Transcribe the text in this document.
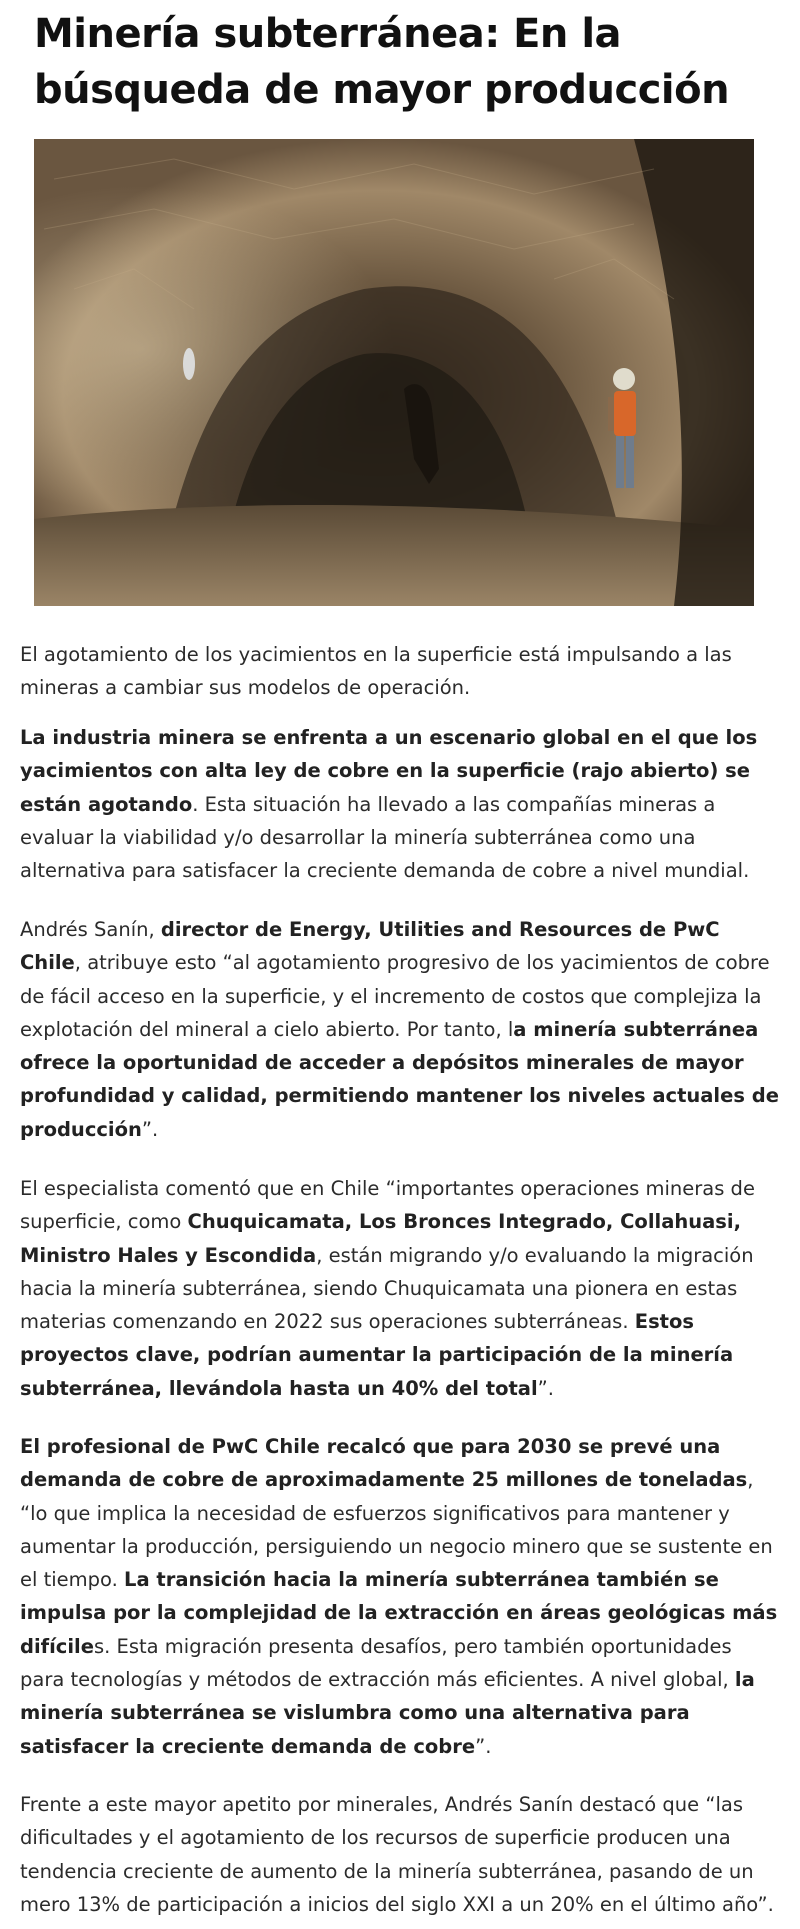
Minería subterránea: En la búsqueda de mayor producción

El agotamiento de los yacimientos en la superficie está impulsando a las mineras a cambiar sus modelos de operación.

La industria minera se enfrenta a un escenario global en el que los yacimientos con alta ley de cobre en la superficie (rajo abierto) se están agotando. Esta situación ha llevado a las compañías mineras a evaluar la viabilidad y/o desarrollar la minería subterránea como una alternativa para satisfacer la creciente demanda de cobre a nivel mundial.

Andrés Sanín, director de Energy, Utilities and Resources de PwC Chile, atribuye esto “al agotamiento progresivo de los yacimientos de cobre de fácil acceso en la superficie, y el incremento de costos que complejiza la explotación del mineral a cielo abierto. Por tanto, la minería subterránea ofrece la oportunidad de acceder a depósitos minerales de mayor profundidad y calidad, permitiendo mantener los niveles actuales de producción”.

El especialista comentó que en Chile “importantes operaciones mineras de superficie, como Chuquicamata, Los Bronces Integrado, Collahuasi, Ministro Hales y Escondida, están migrando y/o evaluando la migración hacia la minería subterránea, siendo Chuquicamata una pionera en estas materias comenzando en 2022 sus operaciones subterráneas. Estos proyectos clave, podrían aumentar la participación de la minería subterránea, llevándola hasta un 40% del total”.

El profesional de PwC Chile recalcó que para 2030 se prevé una demanda de cobre de aproximadamente 25 millones de toneladas, “lo que implica la necesidad de esfuerzos significativos para mantener y aumentar la producción, persiguiendo un negocio minero que se sustente en el tiempo. La transición hacia la minería subterránea también se impulsa por la complejidad de la extracción en áreas geológicas más difíciles. Esta migración presenta desafíos, pero también oportunidades para tecnologías y métodos de extracción más eficientes. A nivel global, la minería subterránea se vislumbra como una alternativa para satisfacer la creciente demanda de cobre”.

Frente a este mayor apetito por minerales, Andrés Sanín destacó que “las dificultades y el agotamiento de los recursos de superficie producen una tendencia creciente de aumento de la minería subterránea, pasando de un mero 13% de participación a inicios del siglo XXI a un 20% en el último año”.
